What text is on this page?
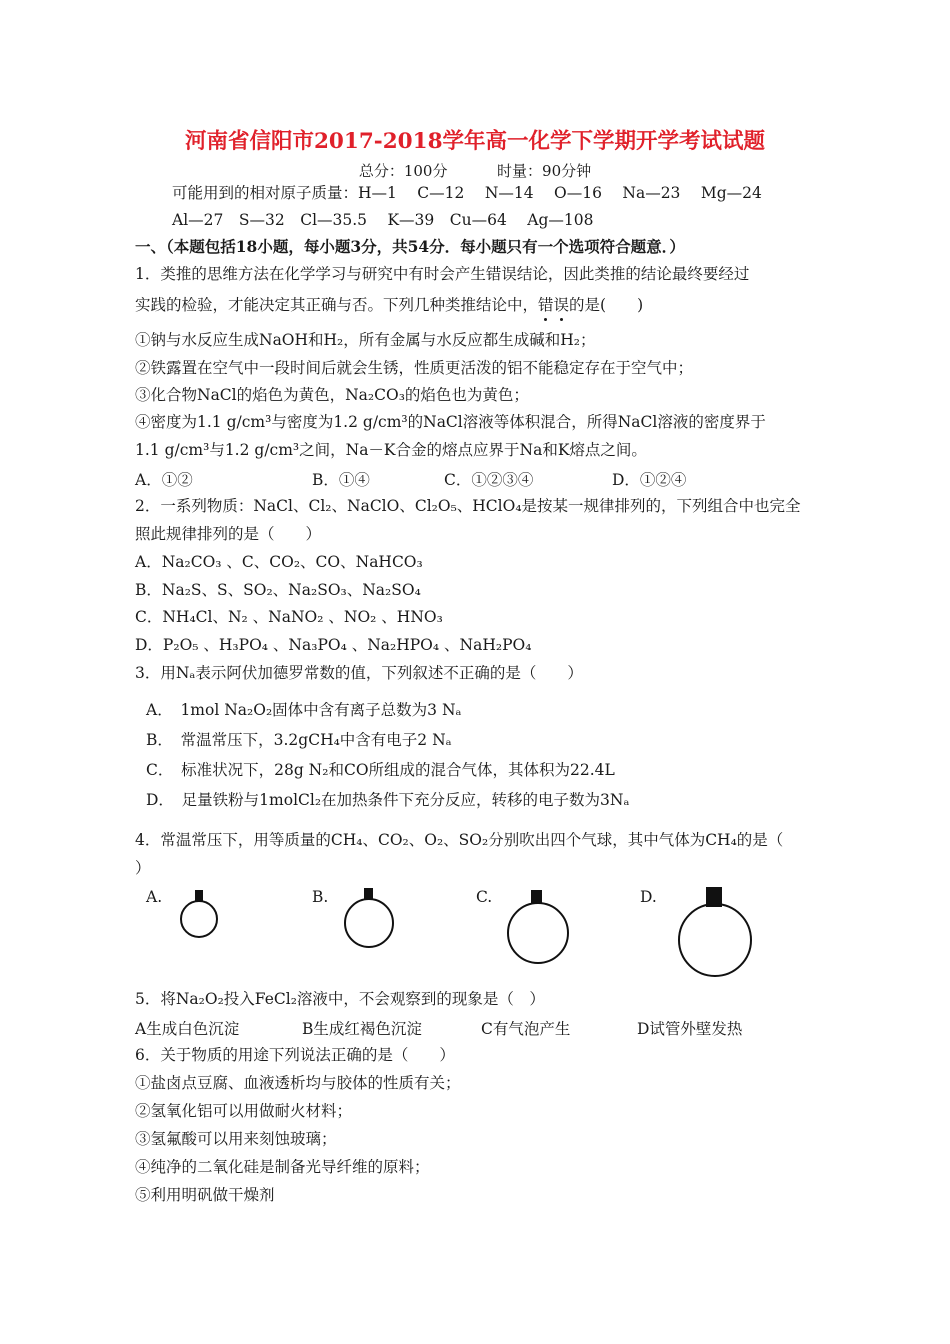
河南省信阳市2017-2018学年高一化学下学期开学考试试题
总分：100分	时量：90分钟
可能用到的相对原子质量：H—1　 C—12　 N—14　 O—16　 Na—23　 Mg—24
Al—27　S—32　Cl—35.5　 K—39　Cu—64　 Ag—108
一、（本题包括18小题，每小题3分，共54分．每小题只有一个选项符合题意．）
1．类推的思维方法在化学学习与研究中有时会产生错误结论，因此类推的结论最终要经过
实践的检验，才能决定其正确与否。下列几种类推结论中，错误的是(　　)
①钠与水反应生成NaOH和H₂，所有金属与水反应都生成碱和H₂；
②铁露置在空气中一段时间后就会生锈，性质更活泼的铝不能稳定存在于空气中；
③化合物NaCl的焰色为黄色，Na₂CO₃的焰色也为黄色；
④密度为1.1 g/cm³与密度为1.2 g/cm³的NaCl溶液等体积混合，所得NaCl溶液的密度界于
1.1 g/cm³与1.2 g/cm³之间，Na－K合金的熔点应界于Na和K熔点之间。
A．①②	B．①④	C．①②③④	D．①②④
2．一系列物质：NaCl、Cl₂、NaClO、Cl₂O₅、HClO₄是按某一规律排列的，下列组合中也完全
照此规律排列的是（　　）
A．Na₂CO₃ 、C、CO₂、CO、NaHCO₃
B．Na₂S、S、SO₂、Na₂SO₃、Na₂SO₄
C．NH₄Cl、N₂ 、NaNO₂ 、NO₂ 、HNO₃
D．P₂O₅ 、H₃PO₄ 、Na₃PO₄ 、Na₂HPO₄ 、NaH₂PO₄
3．用Nₐ表示阿伏加德罗常数的值，下列叙述不正确的是（　　）
A．　1mol Na₂O₂固体中含有离子总数为3 Nₐ
B．　常温常压下，3.2gCH₄中含有电子2 Nₐ
C．　标准状况下，28g N₂和CO所组成的混合气体，其体积为22.4L
D．　足量铁粉与1molCl₂在加热条件下充分反应，转移的电子数为3Nₐ
4．常温常压下，用等质量的CH₄、CO₂、O₂、SO₂分别吹出四个气球，其中气体为CH₄的是（
）
A.	B.	C.	D.
5．将Na₂O₂投入FeCl₂溶液中，不会观察到的现象是（　）
A生成白色沉淀	B生成红褐色沉淀	C有气泡产生	D试管外壁发热
6．关于物质的用途下列说法正确的是（　　）
①盐卤点豆腐、血液透析均与胶体的性质有关；
②氢氧化铝可以用做耐火材料；
③氢氟酸可以用来刻蚀玻璃；
④纯净的二氧化硅是制备光导纤维的原料；
⑤利用明矾做干燥剂
